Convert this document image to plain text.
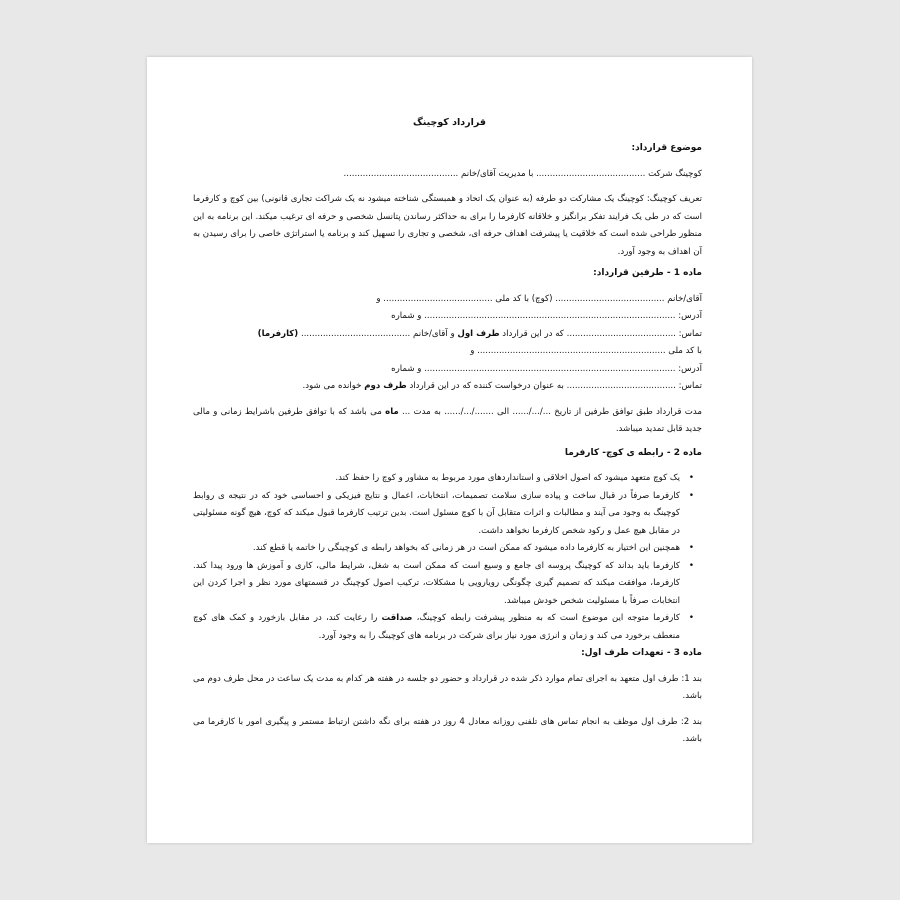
قرارداد کوچینگ
موضوع قرارداد:
کوچینگ شرکت ........................................ با مدیریت آقای/خانم ..........................................

تعریف کوچینگ: کوچینگ یک مشارکت دو طرفه (به عنوان یک اتحاد و همبستگی شناخته میشود نه یک شراکت تجاری قانونی) بین کوچ و کارفرما است که در طی یک فرایند تفکر برانگیز و خلاقانه کارفرما را برای به حداکثر رساندن پتانسل شخصی و حرفه ای ترغیب میکند. این برنامه به این منظور طراحی شده است که خلاقیت یا پیشرفت اهداف حرفه ای، شخصی و تجاری را تسهیل کند و برنامه یا استراتژی خاصی را برای رسیدن به آن اهداف به وجود آورد.

ماده 1 - طرفین قرارداد:
آقای/خانم ........................................ (کوچ) با کد ملی ........................................ و
آدرس: ............................................................................................ و شماره
تماس: ........................................ که در این قرارداد طرف اول و آقای/خانم ........................................ (کارفرما)
با کد ملی ..................................................................... و
آدرس: ............................................................................................ و شماره
تماس: ........................................ به عنوان درخواست کننده که در این قرارداد طرف دوم خوانده می شود.

مدت قرارداد طبق توافق طرفین از تاریخ .../.../...... الی ......./.../...... به مدت ... ماه می باشد که با توافق طرفین باشرایط زمانی و مالی جدید قابل تمدید میباشد.

ماده 2 - رابطه ی کوچ- کارفرما
• یک کوچ متعهد میشود که اصول اخلاقی و استانداردهای مورد مربوط به مشاور و کوچ را حفظ کند.
• کارفرما صرفاً در قبال ساخت و پیاده سازی سلامت تصمیمات، انتخابات، اعمال و نتایج فیزیکی و احساسی خود که در نتیجه ی روابط کوچینگ به وجود می آیند و مطالبات و اثرات متقابل آن با کوچ مسئول است. بدین ترتیب کارفرما قبول میکند که کوچ، هیچ گونه مسئولیتی در مقابل هیچ عمل و رکود شخص کارفرما نخواهد داشت.
• همچنین این اختیار به کارفرما داده میشود که ممکن است در هر زمانی که بخواهد رابطه ی کوچینگی را خاتمه یا قطع کند.
• کارفرما باید بداند که کوچینگ پروسه ای جامع و وسیع است که ممکن است به شغل، شرایط مالی، کاری و آموزش ها ورود پیدا کند. کارفرما، موافقت میکند که تصمیم گیری چگونگی رویارویی با مشکلات، ترکیب اصول کوچینگ در قسمتهای مورد نظر و اجرا کردن این انتخابات صرفاً با مسئولیت شخص خودش میباشد.
• کارفرما متوجه این موضوع است که به منظور پیشرفت رابطه کوچینگ، صداقت را رعایت کند، در مقابل بازخورد و کمک های کوچ منعطف برخورد می کند و زمان و انرژی مورد نیاز برای شرکت در برنامه های کوچینگ را به وجود آورد.
ماده 3 - تعهدات طرف اول:

بند 1: طرف اول متعهد به اجرای تمام موارد ذکر شده در قرارداد و حضور دو جلسه در هفته هر کدام به مدت یک ساعت در محل طرف دوم می باشد.

بند 2: طرف اول موظف به انجام تماس های تلفنی روزانه معادل 4 روز در هفته برای نگه داشتن ارتباط مستمر و پیگیری امور با کارفرما می باشد.
